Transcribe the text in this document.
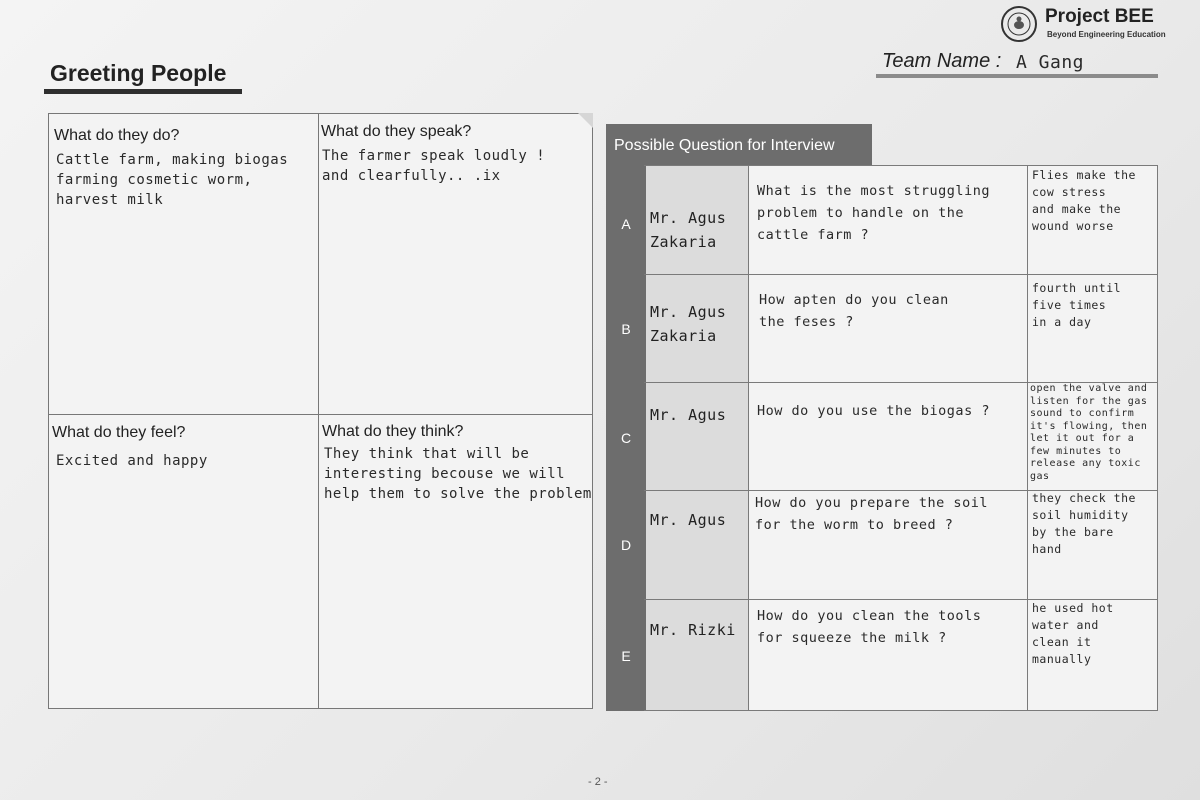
Greeting People
Project BEE
Beyond Engineering Education
Team Name : A Gang
What do they do?
Cattle farm, making biogas
farming cosmetic worm,
harvest milk
What do they speak?
The farmer speak loudly !
and clearfully.. .ix
What do they feel?
Excited and happy
What do they think?
They think that will be
interesting becouse we will
help them to solve the problem
Possible Question for Interview
A	Mr. Agus
Zakaria
What is the most struggling
problem to handle on the
cattle farm ?
Flies make the
cow stress
and make the
wound worse
B
Mr. Agus
Zakaria
How apten do you clean
the feses ?
fourth until
five times
in a day
C
Mr. Agus	How do you use the biogas ?
open the valve and
listen for the gas
sound to confirm
it's flowing, then
let it out for a
few minutes to
release any toxic
gas
D
Mr. Agus
How do you prepare the soil
for the worm to breed ?
they check the
soil humidity
by the bare
hand
E
Mr. Rizki
How do you clean the tools
for squeeze the milk ?
he used hot
water and
clean it manually
- 2 -
